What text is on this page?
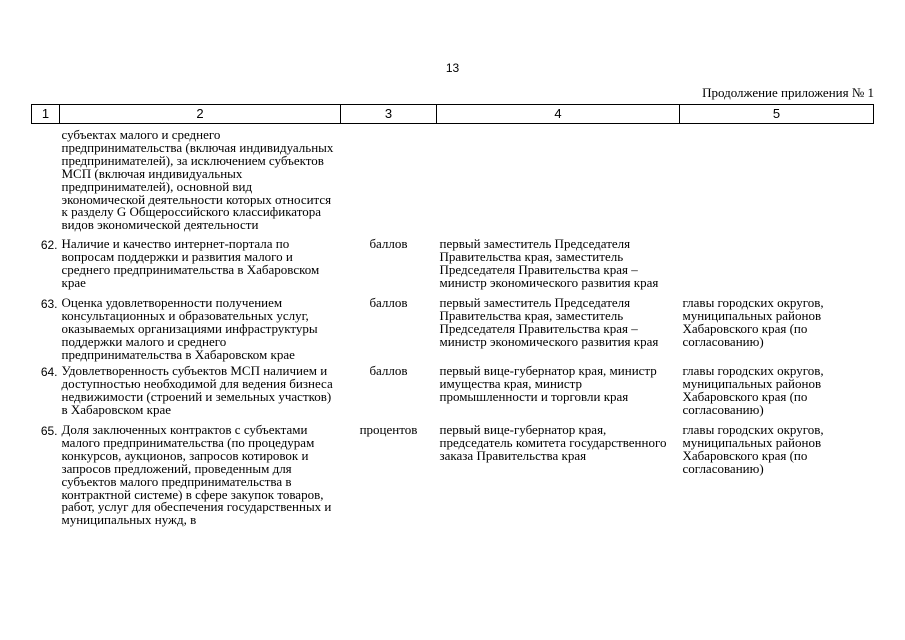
13
Продолжение приложения № 1
1	2	3	4	5
	субъектах малого и среднего предпринимательства (включая индивидуальных предпринимателей), за исключением субъектов МСП (включая индивидуальных предпринимателей), основной вид экономической деятельности которых относится к разделу G Общероссийского классификатора видов экономической деятельности			
62.	Наличие и качество интернет-портала по вопросам поддержки и развития малого и среднего предпринимательства в Хабаровском крае	баллов	первый заместитель Председателя Правительства края, заместитель Председателя Правительства края – министр экономического развития края	
63.	Оценка удовлетворенности получением консультационных и образовательных услуг, оказываемых организациями инфраструктуры поддержки малого и среднего предпринимательства в Хабаровском крае	баллов	первый заместитель Председателя Правительства края, заместитель Председателя Правительства края – министр экономического развития края	главы городских округов, муниципальных районов Хабаровского края (по согласованию)
64.	Удовлетворенность субъектов МСП наличием и доступностью необходимой для ведения бизнеса недвижимости (строений и земельных участков) в Хабаровском крае	баллов	первый вице-губернатор края, министр имущества края, министр промышленности и торговли края	главы городских округов, муниципальных районов Хабаровского края (по согласованию)
65.	Доля заключенных контрактов с субъектами малого предпринимательства (по процедурам конкурсов, аукционов, запросов котировок и запросов предложений, проведенным для субъектов малого предпринимательства в контрактной системе) в сфере закупок товаров, работ, услуг для обеспечения государственных и муниципальных нужд, в	процентов	первый вице-губернатор края, председатель комитета государственного заказа Правительства края	главы городских округов, муниципальных районов Хабаровского края (по согласованию)
